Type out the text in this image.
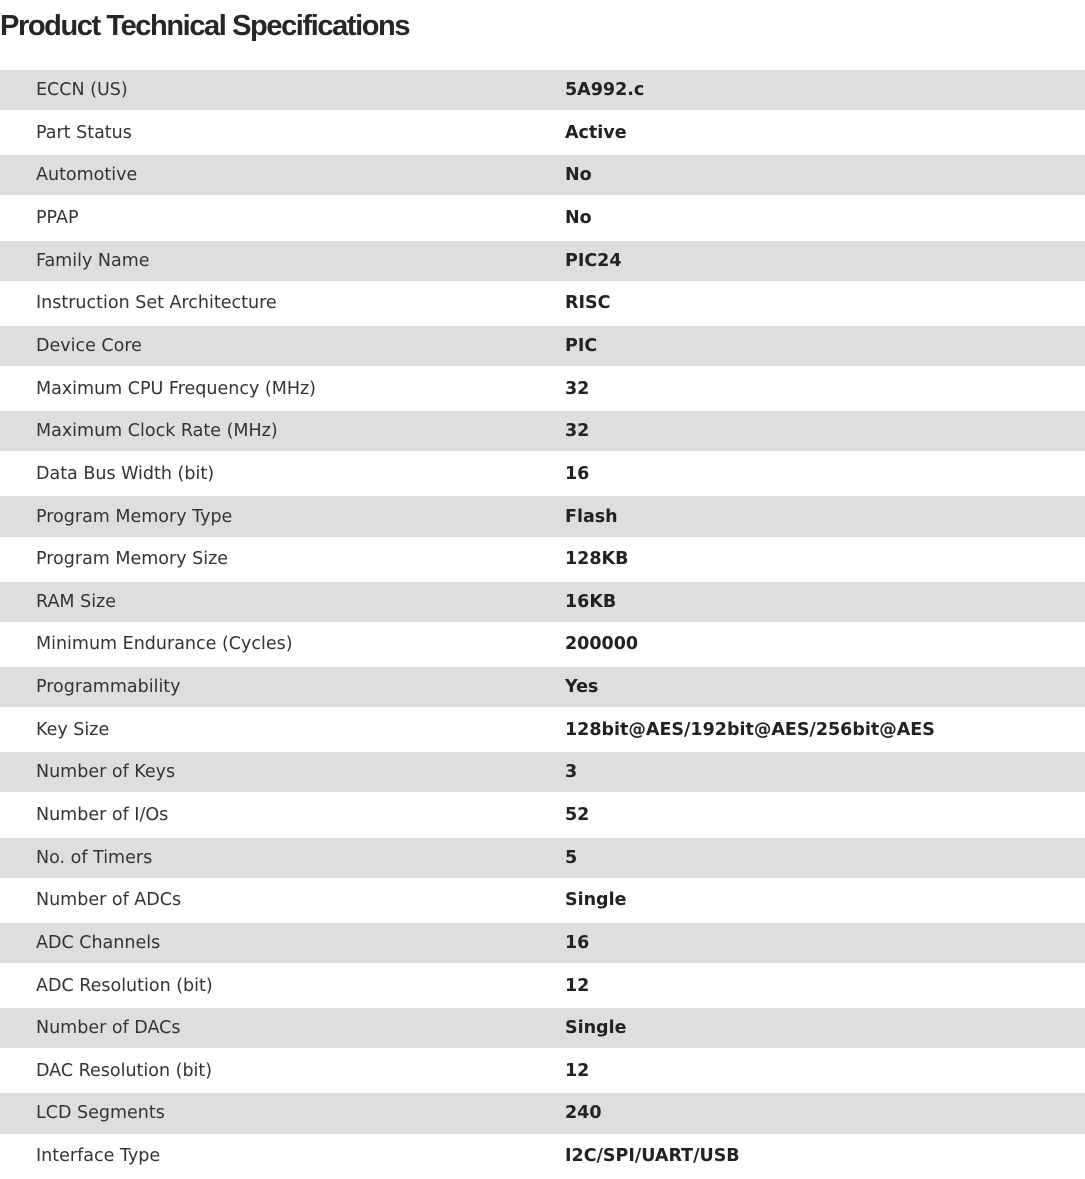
Product Technical Specifications
ECCN (US)	5A992.c
Part Status	Active
Automotive	No
PPAP	No
Family Name	PIC24
Instruction Set Architecture	RISC
Device Core	PIC
Maximum CPU Frequency (MHz)	32
Maximum Clock Rate (MHz)	32
Data Bus Width (bit)	16
Program Memory Type	Flash
Program Memory Size	128KB
RAM Size	16KB
Minimum Endurance (Cycles)	200000
Programmability	Yes
Key Size	128bit@AES/192bit@AES/256bit@AES
Number of Keys	3
Number of I/Os	52
No. of Timers	5
Number of ADCs	Single
ADC Channels	16
ADC Resolution (bit)	12
Number of DACs	Single
DAC Resolution (bit)	12
LCD Segments	240
Interface Type	I2C/SPI/UART/USB
